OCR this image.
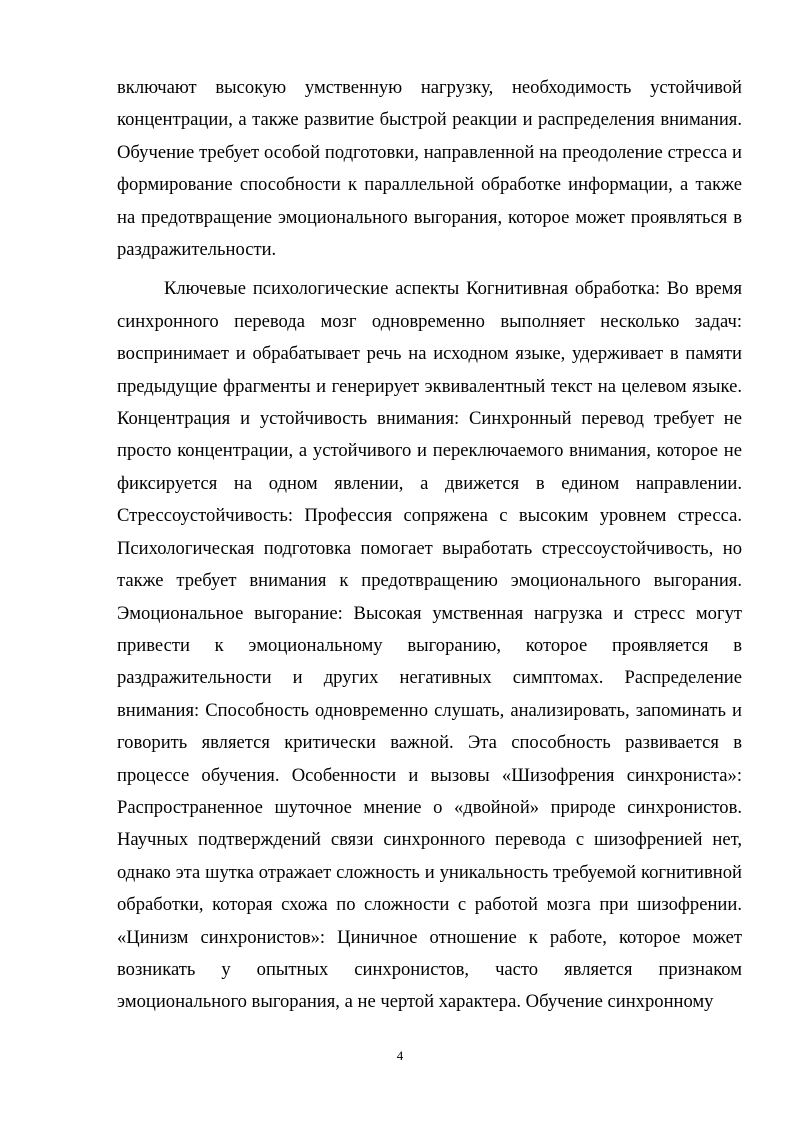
включают высокую умственную нагрузку, необходимость устойчивой концентрации, а также развитие быстрой реакции и распределения внимания. Обучение требует особой подготовки, направленной на преодоление стресса и формирование способности к параллельной обработке информации, а также на предотвращение эмоционального выгорания, которое может проявляться в раздражительности.

Ключевые психологические аспекты Когнитивная обработка: Во время синхронного перевода мозг одновременно выполняет несколько задач: воспринимает и обрабатывает речь на исходном языке, удерживает в памяти предыдущие фрагменты и генерирует эквивалентный текст на целевом языке. Концентрация и устойчивость внимания: Синхронный перевод требует не просто концентрации, а устойчивого и переключаемого внимания, которое не фиксируется на одном явлении, а движется в едином направлении. Стрессоустойчивость: Профессия сопряжена с высоким уровнем стресса. Психологическая подготовка помогает выработать стрессоустойчивость, но также требует внимания к предотвращению эмоционального выгорания. Эмоциональное выгорание: Высокая умственная нагрузка и стресс могут привести к эмоциональному выгоранию, которое проявляется в раздражительности и других негативных симптомах. Распределение внимания: Способность одновременно слушать, анализировать, запоминать и говорить является критически важной. Эта способность развивается в процессе обучения. Особенности и вызовы «Шизофрения синхрониста»: Распространенное шуточное мнение о «двойной» природе синхронистов. Научных подтверждений связи синхронного перевода с шизофренией нет, однако эта шутка отражает сложность и уникальность требуемой когнитивной обработки, которая схожа по сложности с работой мозга при шизофрении. «Цинизм синхронистов»: Циничное отношение к работе, которое может возникать у опытных синхронистов, часто является признаком эмоционального выгорания, а не чертой характера. Обучение синхронному

4
